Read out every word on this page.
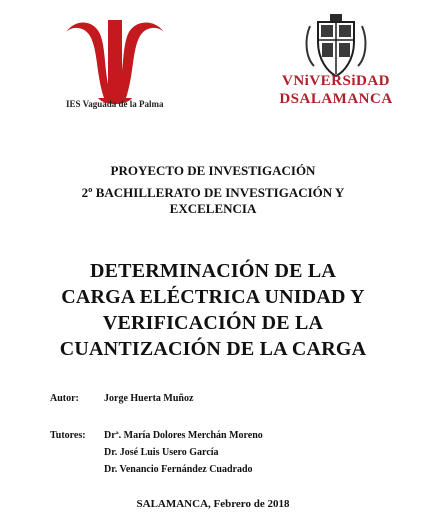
IES Vaguada de la Palma
VNiVERSiDAD
DSALAMANCA
PROYECTO DE INVESTIGACIÓN
2º BACHILLERATO DE INVESTIGACIÓN Y
EXCELENCIA
DETERMINACIÓN DE LA
CARGA ELÉCTRICA UNIDAD Y
VERIFICACIÓN DE LA
CUANTIZACIÓN DE LA CARGA
Autor:	Jorge Huerta Muñoz
Tutores: Drª. María Dolores Merchán Moreno
Dr. José Luis Usero García
Dr. Venancio Fernández Cuadrado
SALAMANCA, Febrero de 2018
